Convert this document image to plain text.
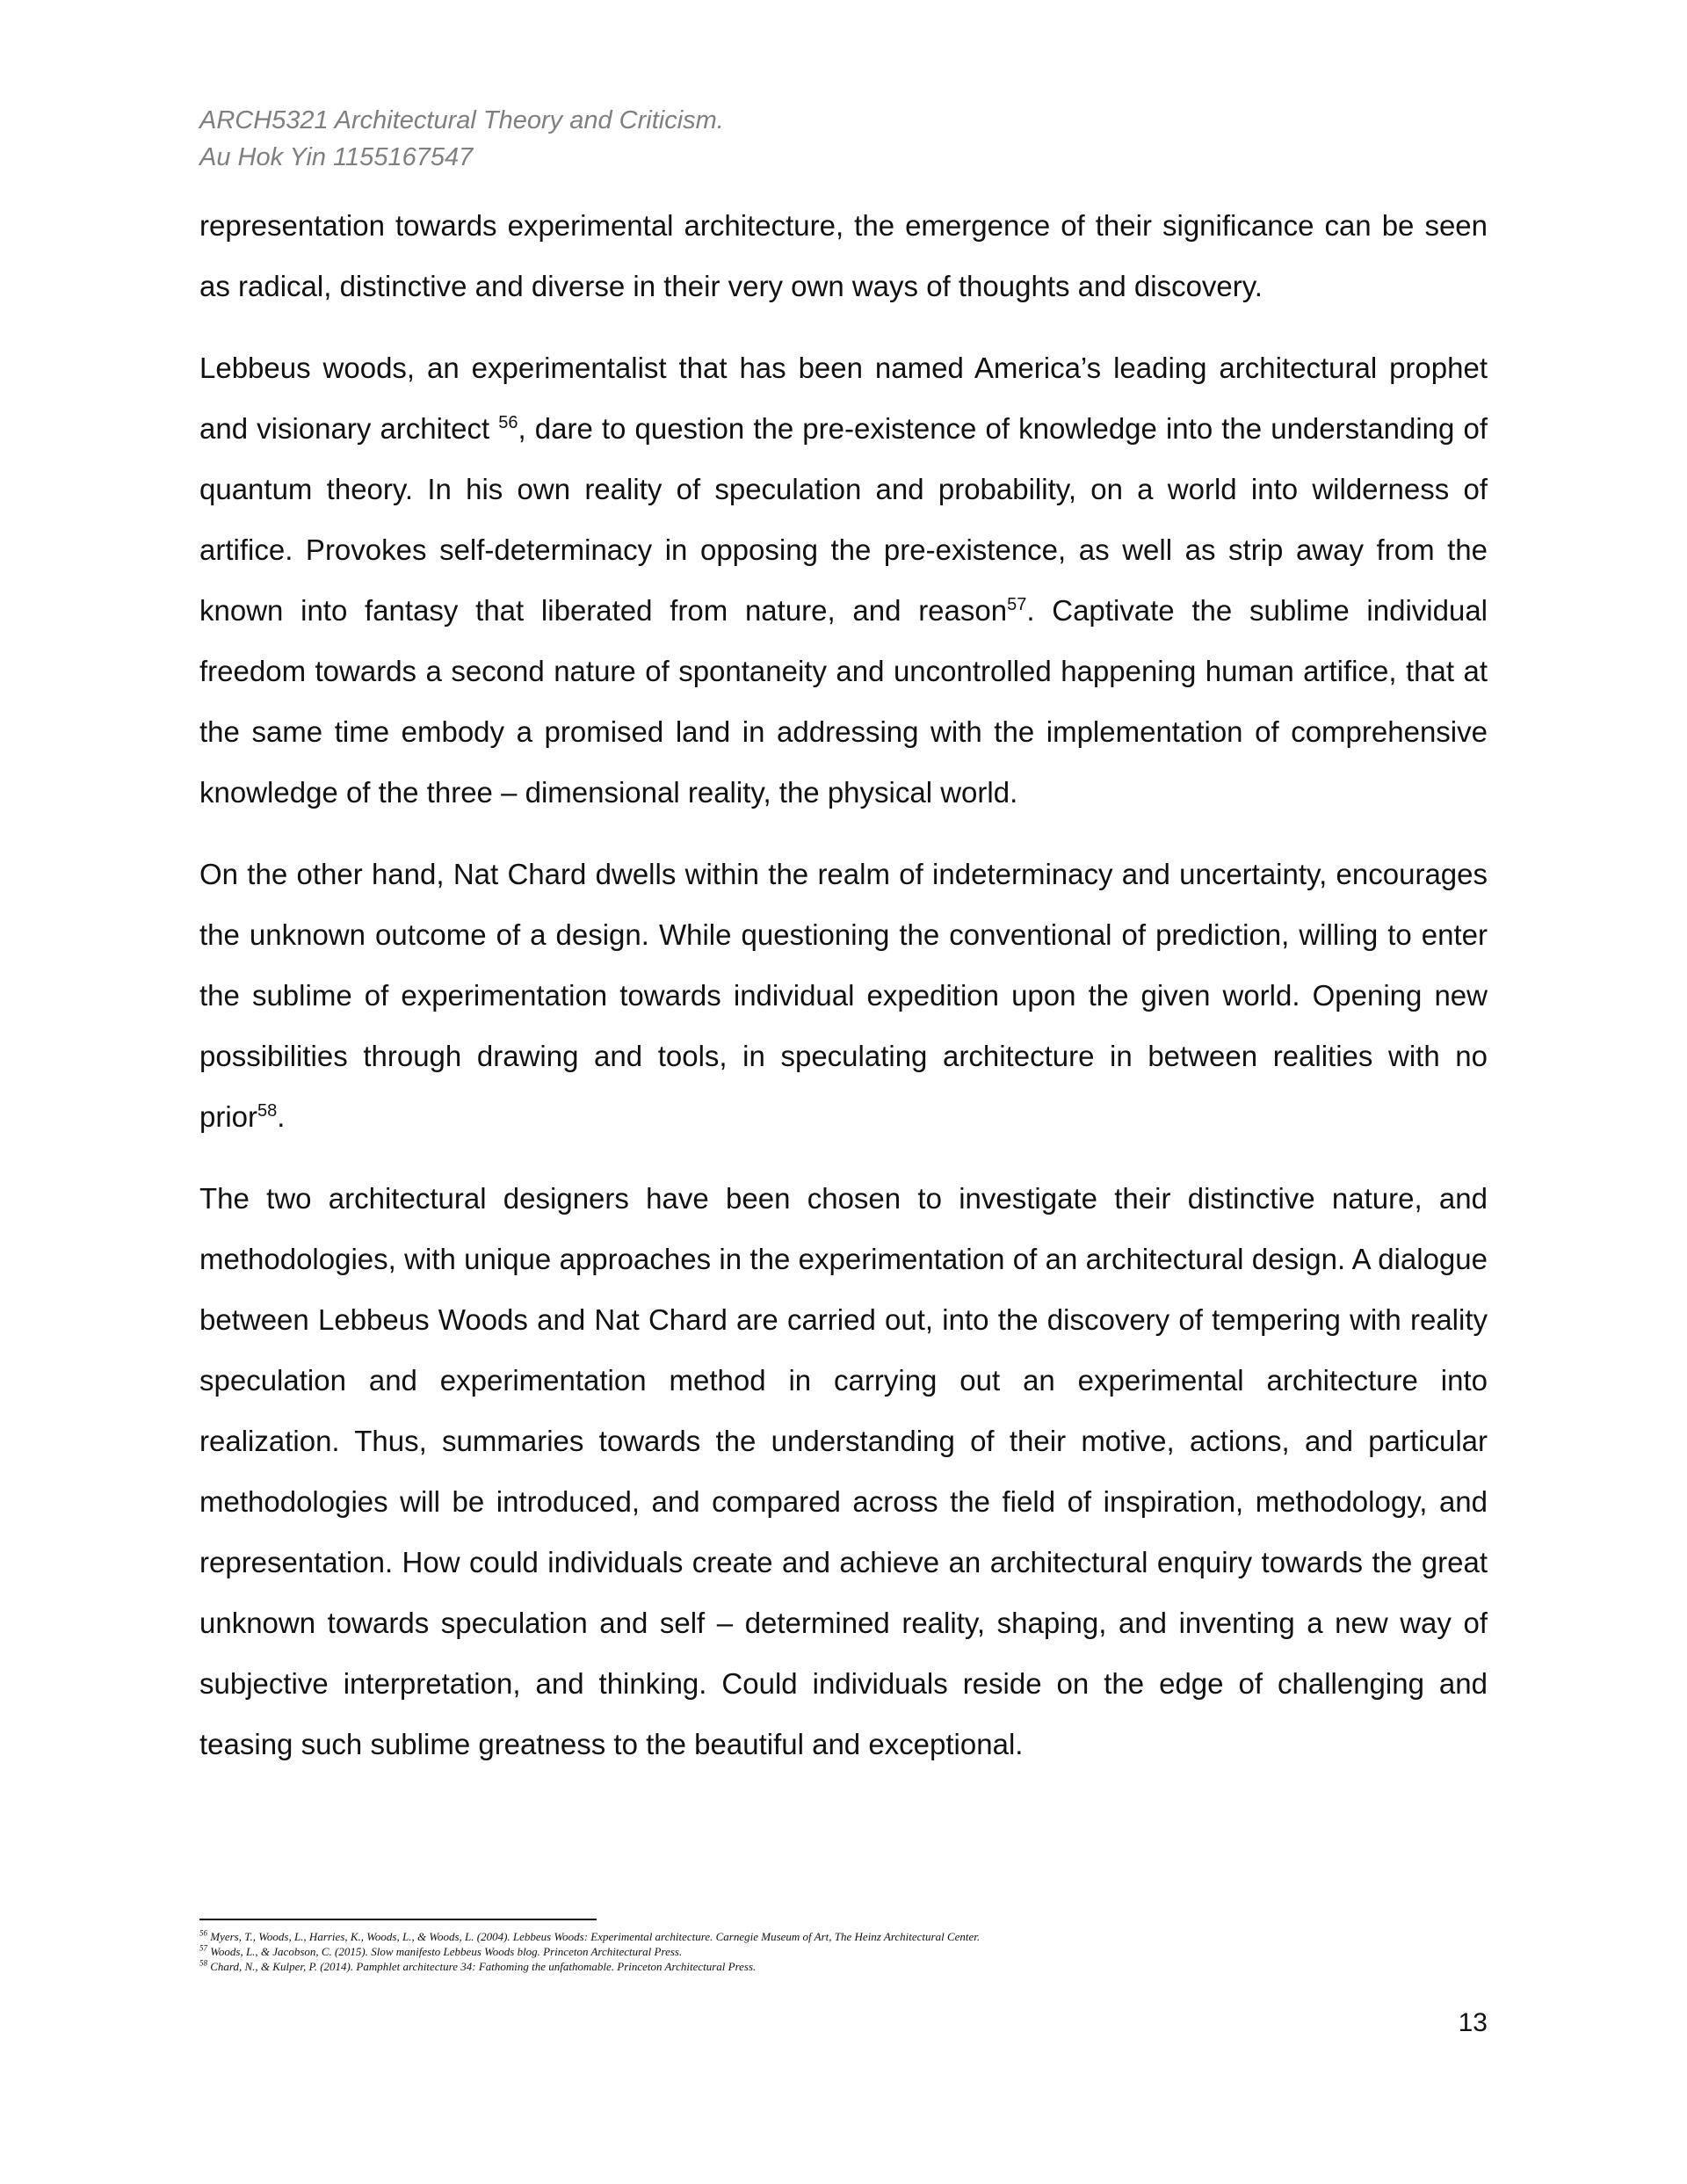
ARCH5321 Architectural Theory and Criticism.
Au Hok Yin 1155167547

representation towards experimental architecture, the emergence of their significance can be seen as radical, distinctive and diverse in their very own ways of thoughts and discovery.

Lebbeus woods, an experimentalist that has been named America’s leading architectural prophet and visionary architect $^{56}$, dare to question the pre-existence of knowledge into the understanding of quantum theory. In his own reality of speculation and probability, on a world into wilderness of artifice. Provokes self-determinacy in opposing the pre-existence, as well as strip away from the known into fantasy that liberated from nature, and reason$^{57}$. Captivate the sublime individual freedom towards a second nature of spontaneity and uncontrolled happening human artifice, that at the same time embody a promised land in addressing with the implementation of comprehensive knowledge of the three – dimensional reality, the physical world.

On the other hand, Nat Chard dwells within the realm of indeterminacy and uncertainty, encourages the unknown outcome of a design. While questioning the conventional of prediction, willing to enter the sublime of experimentation towards individual expedition upon the given world. Opening new possibilities through drawing and tools, in speculating architecture in between realities with no prior$^{58}$.

The two architectural designers have been chosen to investigate their distinctive nature, and methodologies, with unique approaches in the experimentation of an architectural design. A dialogue between Lebbeus Woods and Nat Chard are carried out, into the discovery of tempering with reality speculation and experimentation method in carrying out an experimental architecture into realization. Thus, summaries towards the understanding of their motive, actions, and particular methodologies will be introduced, and compared across the field of inspiration, methodology, and representation. How could individuals create and achieve an architectural enquiry towards the great unknown towards speculation and self – determined reality, shaping, and inventing a new way of subjective interpretation, and thinking. Could individuals reside on the edge of challenging and teasing such sublime greatness to the beautiful and exceptional.

$^{56}$ Myers, T., Woods, L., Harries, K., Woods, L., & Woods, L. (2004). Lebbeus Woods: Experimental architecture. Carnegie Museum of Art, The Heinz Architectural Center.
$^{57}$ Woods, L., & Jacobson, C. (2015). Slow manifesto Lebbeus Woods blog. Princeton Architectural Press.
$^{58}$ Chard, N., & Kulper, P. (2014). Pamphlet architecture 34: Fathoming the unfathomable. Princeton Architectural Press.
13
